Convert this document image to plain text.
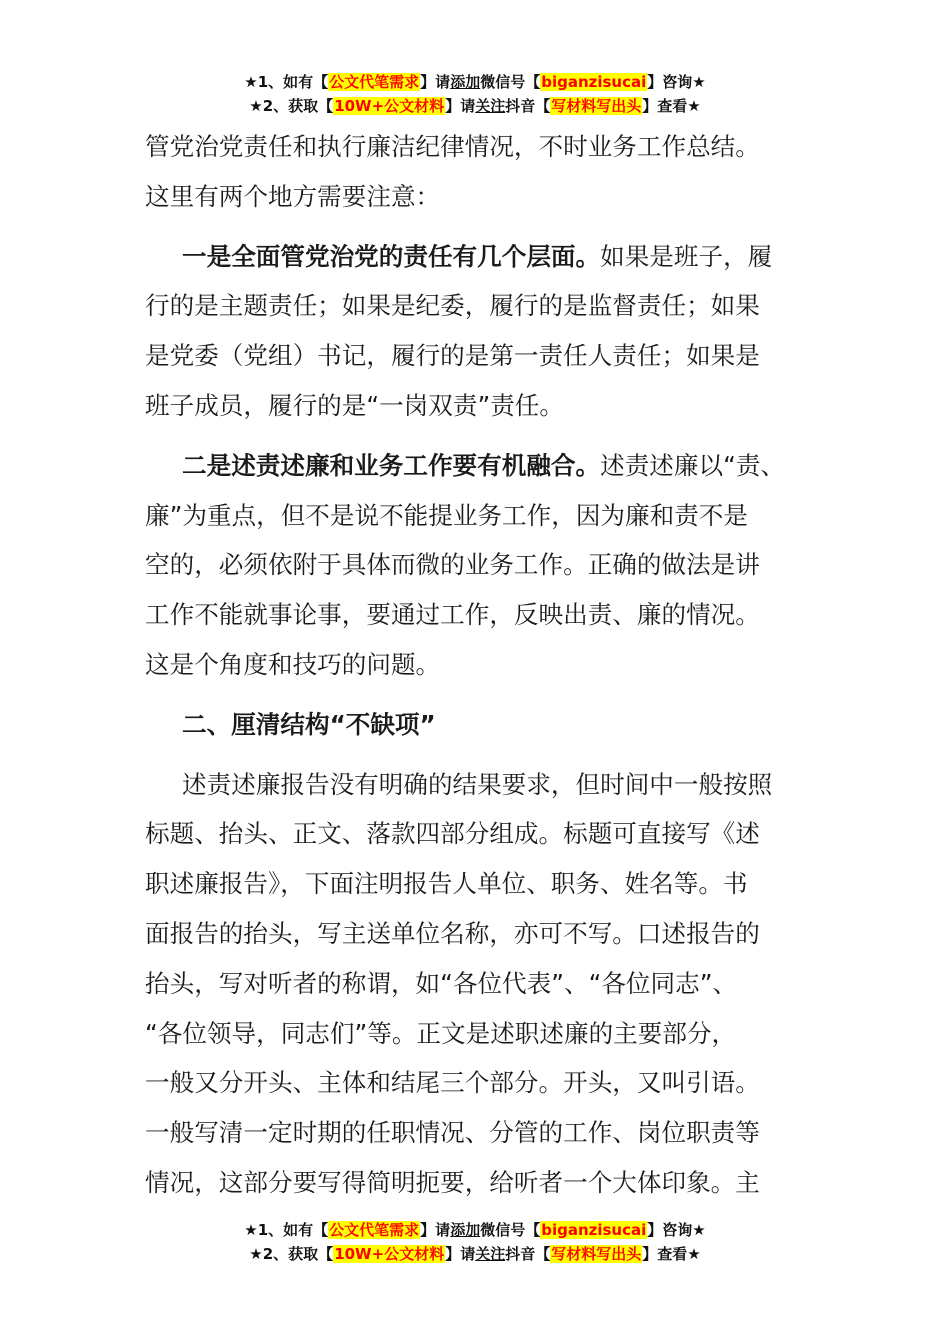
★1、如有【公文代笔需求】请添加微信号【biganzisucai】咨询★
★2、获取【10W+公文材料】请关注抖音【写材料写出头】查看★
管党治党责任和执行廉洁纪律情况，不时业务工作总结。
这里有两个地方需要注意：
一是全面管党治党的责任有几个层面。如果是班子，履
行的是主题责任；如果是纪委，履行的是监督责任；如果
是党委（党组）书记，履行的是第一责任人责任；如果是
班子成员，履行的是“一岗双责”责任。
二是述责述廉和业务工作要有机融合。述责述廉以“责、
廉”为重点，但不是说不能提业务工作，因为廉和责不是
空的，必须依附于具体而微的业务工作。正确的做法是讲
工作不能就事论事，要通过工作，反映出责、廉的情况。
这是个角度和技巧的问题。
二、厘清结构“不缺项”
述责述廉报告没有明确的结果要求，但时间中一般按照
标题、抬头、正文、落款四部分组成。标题可直接写《述
职述廉报告》，下面注明报告人单位、职务、姓名等。书
面报告的抬头，写主送单位名称，亦可不写。口述报告的
抬头，写对听者的称谓，如“各位代表”、“各位同志”、
“各位领导，同志们”等。正文是述职述廉的主要部分，
一般又分开头、主体和结尾三个部分。开头，又叫引语。
一般写清一定时期的任职情况、分管的工作、岗位职责等
情况，这部分要写得简明扼要，给听者一个大体印象。主
★1、如有【公文代笔需求】请添加微信号【biganzisucai】咨询★
★2、获取【10W+公文材料】请关注抖音【写材料写出头】查看★
